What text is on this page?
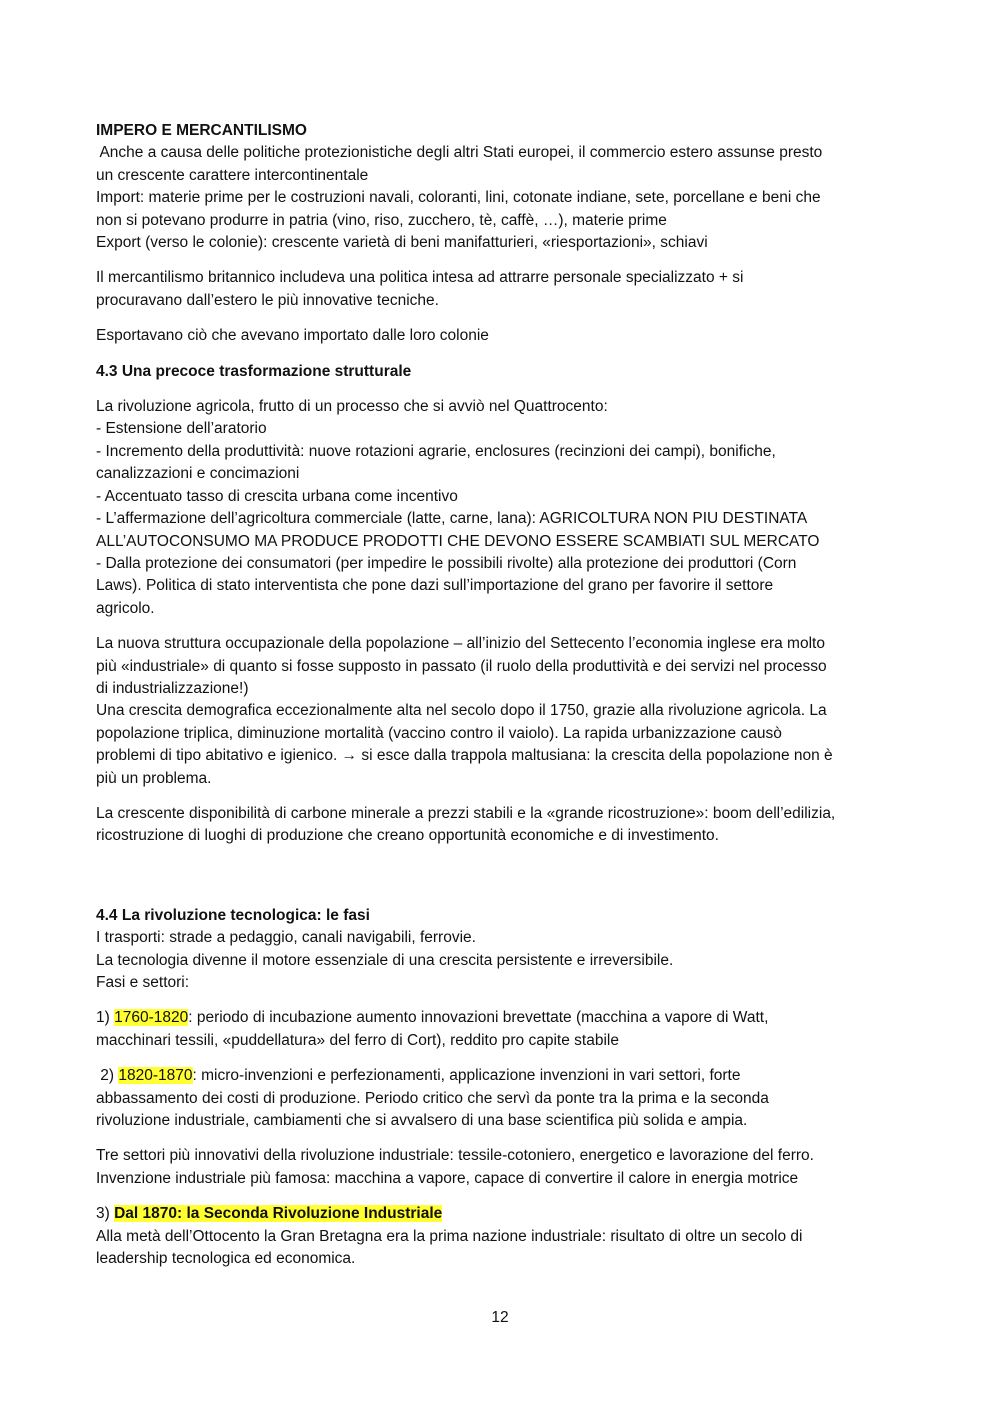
IMPERO E MERCANTILISMO
Anche a causa delle politiche protezionistiche degli altri Stati europei, il commercio estero assunse presto
un crescente carattere intercontinentale
Import: materie prime per le costruzioni navali, coloranti, lini, cotonate indiane, sete, porcellane e beni che
non si potevano produrre in patria (vino, riso, zucchero, tè, caffè, …), materie prime
Export (verso le colonie): crescente varietà di beni manifatturieri, «riesportazioni», schiavi
Il mercantilismo britannico includeva una politica intesa ad attrarre personale specializzato + si
procuravano dall’estero le più innovative tecniche.
Esportavano ciò che avevano importato dalle loro colonie
4.3 Una precoce trasformazione strutturale
La rivoluzione agricola, frutto di un processo che si avviò nel Quattrocento:
- Estensione dell’aratorio
- Incremento della produttività: nuove rotazioni agrarie, enclosures (recinzioni dei campi), bonifiche,
canalizzazioni e concimazioni
- Accentuato tasso di crescita urbana come incentivo
- L’affermazione dell’agricoltura commerciale (latte, carne, lana): AGRICOLTURA NON PIU DESTINATA
ALL’AUTOCONSUMO MA PRODUCE PRODOTTI CHE DEVONO ESSERE SCAMBIATI SUL MERCATO
- Dalla protezione dei consumatori (per impedire le possibili rivolte) alla protezione dei produttori (Corn
Laws). Politica di stato interventista che pone dazi sull’importazione del grano per favorire il settore
agricolo.
La nuova struttura occupazionale della popolazione – all’inizio del Settecento l’economia inglese era molto
più «industriale» di quanto si fosse supposto in passato (il ruolo della produttività e dei servizi nel processo
di industrializzazione!)
Una crescita demografica eccezionalmente alta nel secolo dopo il 1750, grazie alla rivoluzione agricola. La
popolazione triplica, diminuzione mortalità (vaccino contro il vaiolo). La rapida urbanizzazione causò
problemi di tipo abitativo e igienico. → si esce dalla trappola maltusiana: la crescita della popolazione non è
più un problema.
La crescente disponibilità di carbone minerale a prezzi stabili e la «grande ricostruzione»: boom dell’edilizia,
ricostruzione di luoghi di produzione che creano opportunità economiche e di investimento.
4.4 La rivoluzione tecnologica: le fasi
I trasporti: strade a pedaggio, canali navigabili, ferrovie.
La tecnologia divenne il motore essenziale di una crescita persistente e irreversibile.
Fasi e settori:
1) 1760-1820: periodo di incubazione aumento innovazioni brevettate (macchina a vapore di Watt,
macchinari tessili, «puddellatura» del ferro di Cort), reddito pro capite stabile
2) 1820-1870: micro-invenzioni e perfezionamenti, applicazione invenzioni in vari settori, forte
abbassamento dei costi di produzione. Periodo critico che servì da ponte tra la prima e la seconda
rivoluzione industriale, cambiamenti che si avvalsero di una base scientifica più solida e ampia.
Tre settori più innovativi della rivoluzione industriale: tessile-cotoniero, energetico e lavorazione del ferro.
Invenzione industriale più famosa: macchina a vapore, capace di convertire il calore in energia motrice
3) Dal 1870: la Seconda Rivoluzione Industriale
Alla metà dell’Ottocento la Gran Bretagna era la prima nazione industriale: risultato di oltre un secolo di
leadership tecnologica ed economica.
12
